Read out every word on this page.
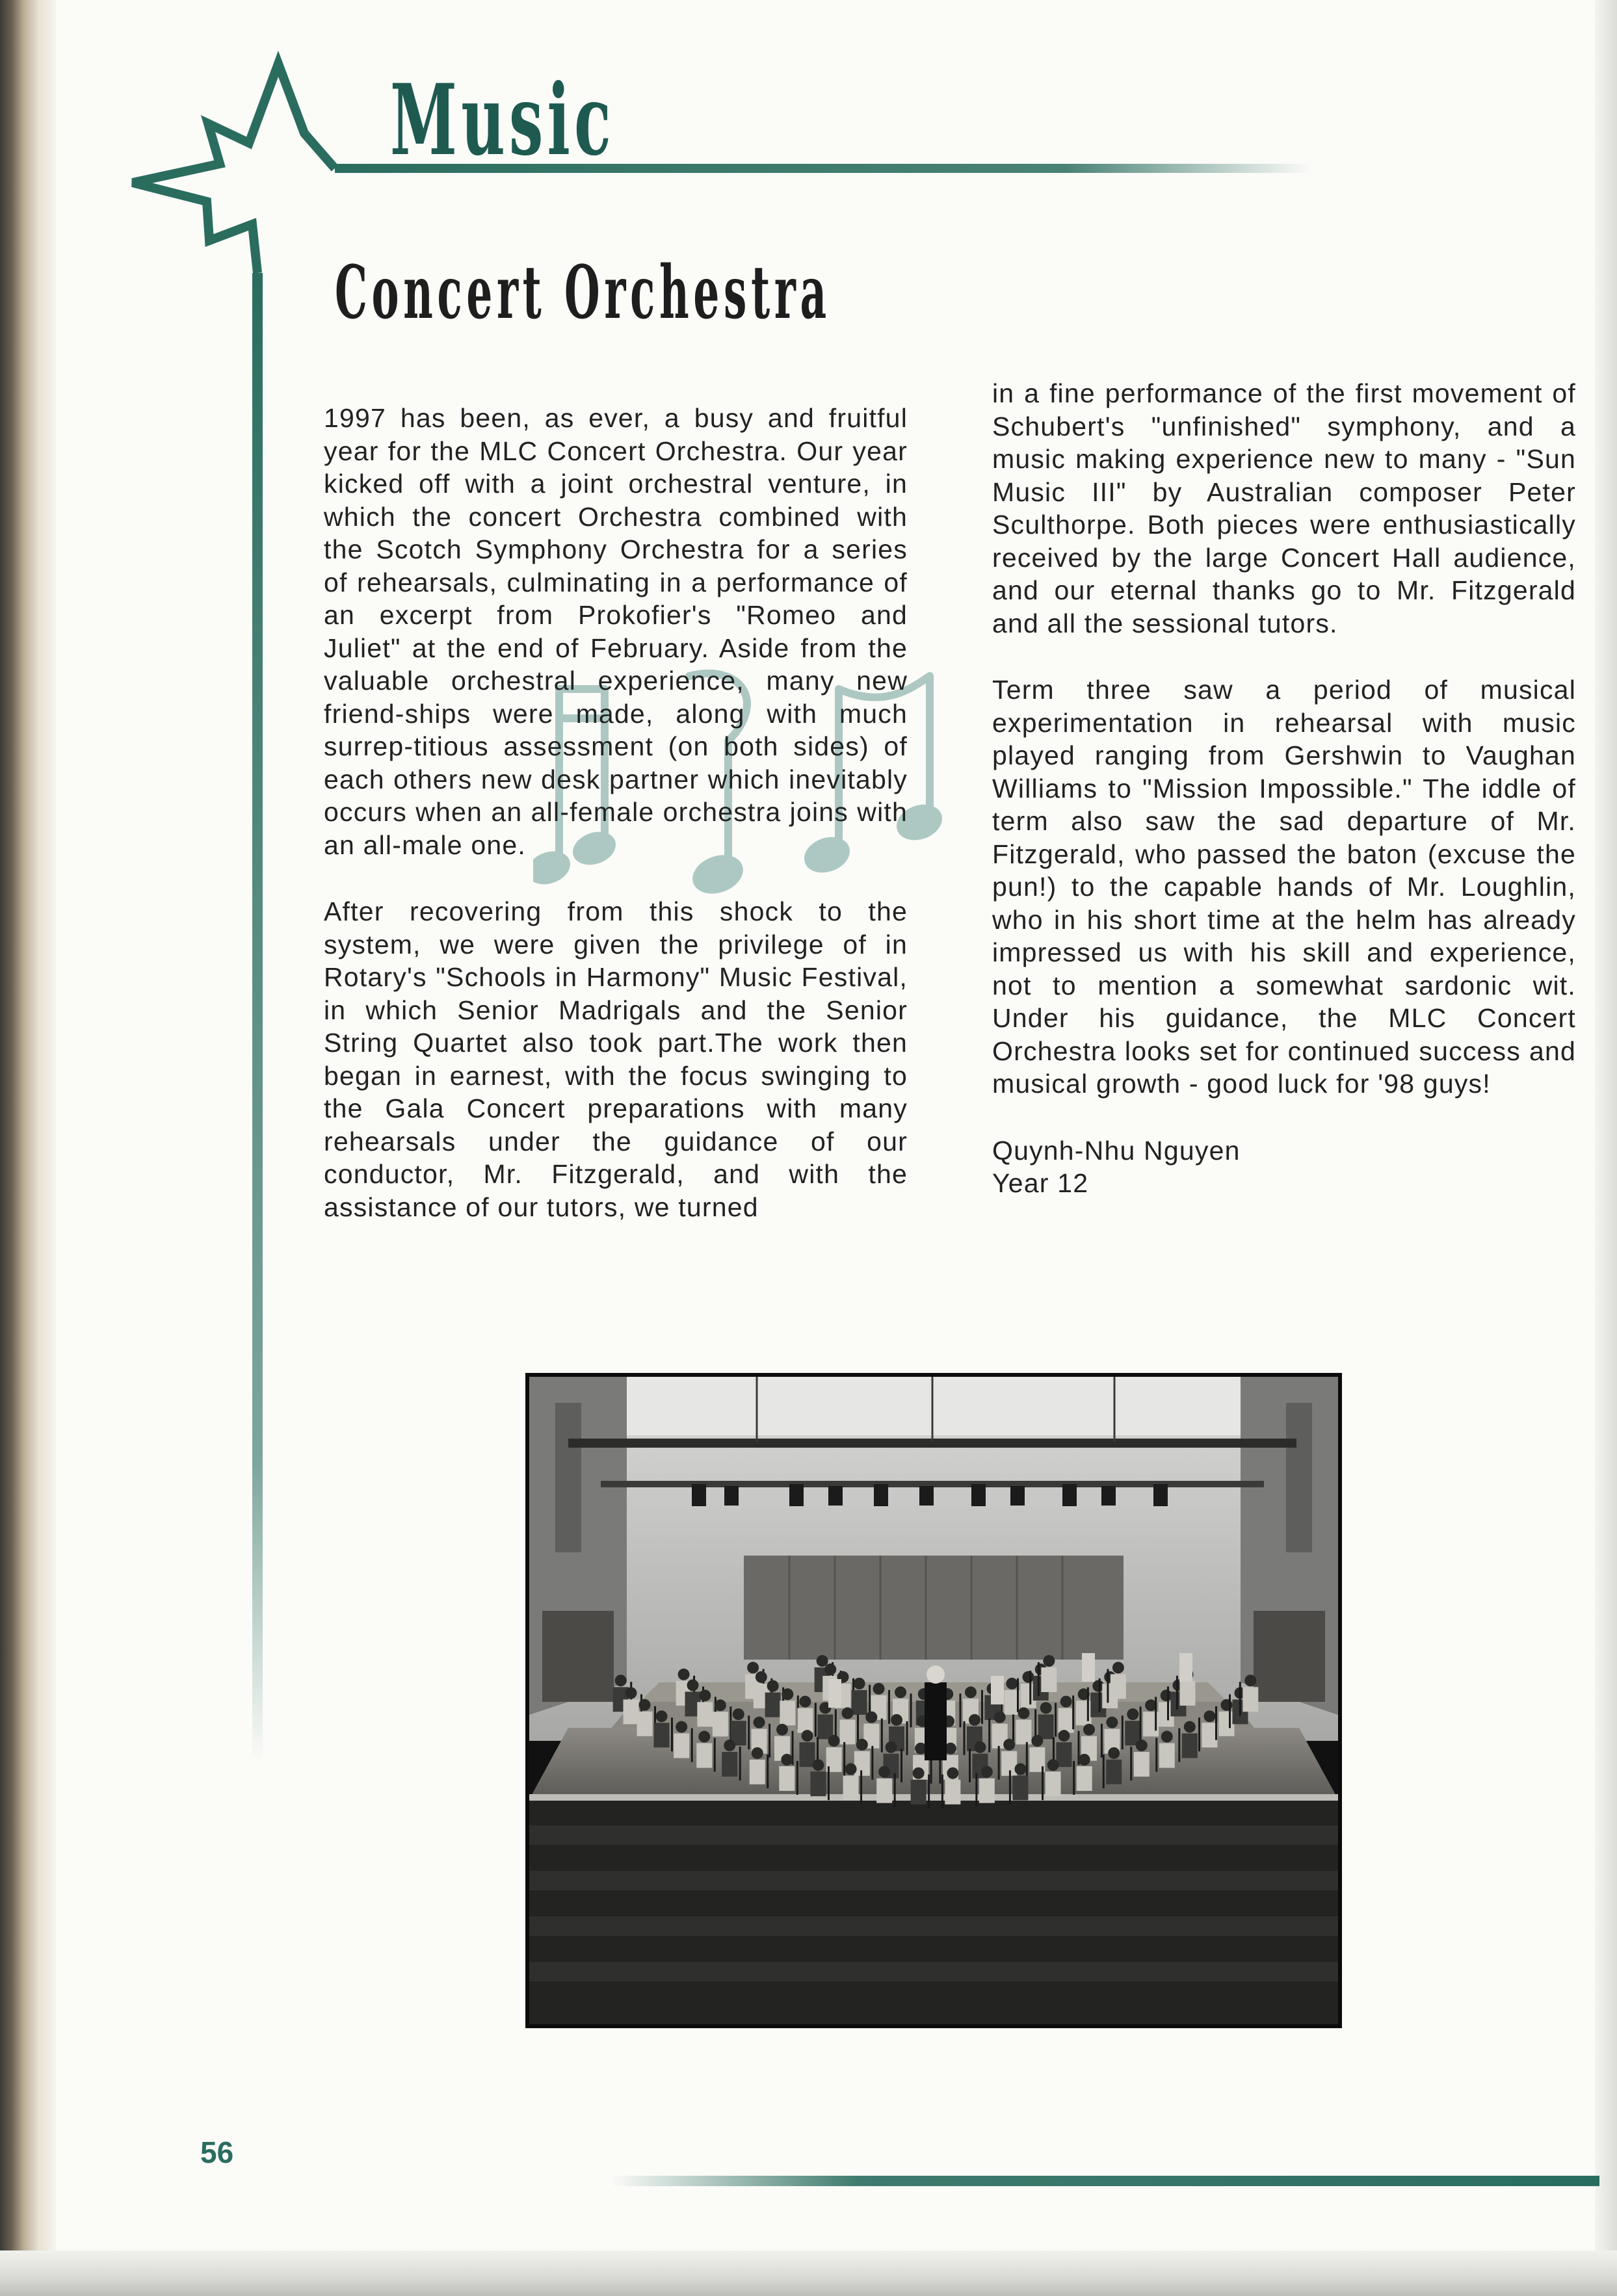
Music
Concert Orchestra

1997 has been, as ever, a busy and fruitful year for the MLC Concert Orchestra. Our year kicked off with a joint orchestral venture, in which the concert Orchestra combined with the Scotch Symphony Orchestra for a series of rehearsals, culminating in a performance of an excerpt from Prokofier's "Romeo and Juliet" at the end of February. Aside from the valuable orchestral experience, many new friend-ships were made, along with much surrep-titious assessment (on both sides) of each others new desk partner which inevitably occurs when an all-female orchestra joins with an all-male one.

After recovering from this shock to the system, we were given the privilege of in Rotary's "Schools in Harmony" Music Festival, in which Senior Madrigals and the Senior String Quartet also took part.The work then began in earnest, with the focus swinging to the Gala Concert preparations with many rehearsals under the guidance of our conductor, Mr. Fitzgerald, and with the assistance of our tutors, we turned

in a fine performance of the first movement of Schubert's "unfinished" symphony, and a music making experience new to many - "Sun Music III" by Australian composer Peter Sculthorpe. Both pieces were enthusiastically received by the large Concert Hall audience, and our eternal thanks go to Mr. Fitzgerald and all the sessional tutors.

Term three saw a period of musical experimentation in rehearsal with music played ranging from Gershwin to Vaughan Williams to "Mission Impossible." The iddle of term also saw the sad departure of Mr. Fitzgerald, who passed the baton (excuse the pun!) to the capable hands of Mr. Loughlin, who in his short time at the helm has already impressed us with his skill and experience, not to mention a somewhat sardonic wit. Under his guidance, the MLC Concert Orchestra looks set for continued success and musical growth - good luck for '98 guys!

Quynh-Nhu Nguyen

Year 12

56
